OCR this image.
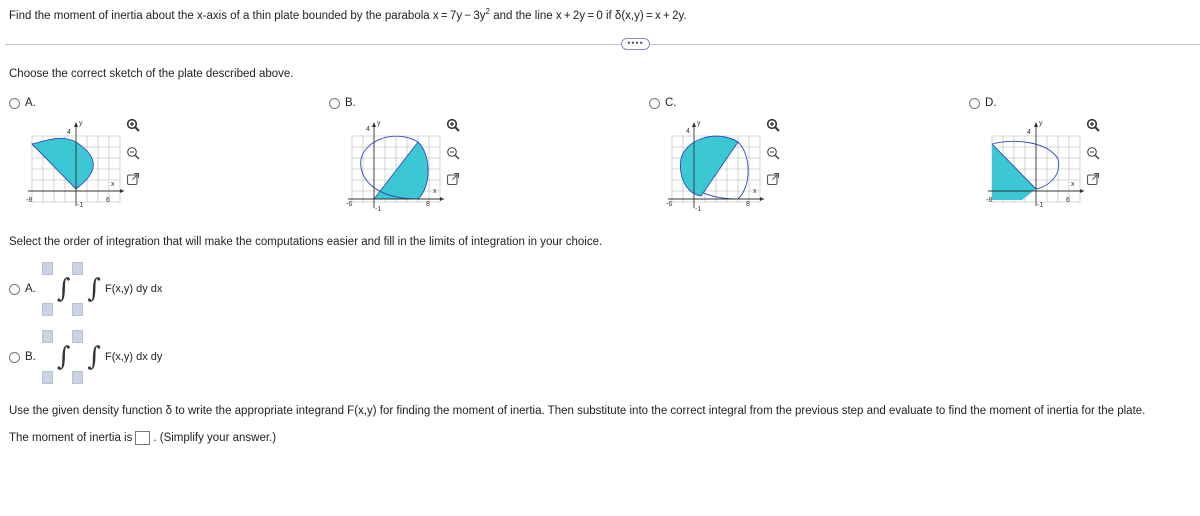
Find the moment of inertia about the x-axis of a thin plate bounded by the parabola $x = 7y - 3y^2$ and the line x + 2y = 0 if δ(x,y) = x + 2y.
••••
Choose the correct sketch of the plate described above.
A.	B.	C.	D.
4
-1
-8	6
x
y
4
-1
-6	8
x
y
4
-1
-6	8
x
y
4
-1
-8	6
x
y
Select the order of integration that will make the computations easier and fill in the limits of integration in your choice.
A. ∫ ∫ F(x,y) dy dx
B. ∫ ∫ F(x,y) dx dy
Use the given density function δ to write the appropriate integrand F(x,y) for finding the moment of inertia. Then substitute into the correct integral from the previous step and evaluate to find the moment of inertia for the plate.
The moment of inertia is . (Simplify your answer.)
